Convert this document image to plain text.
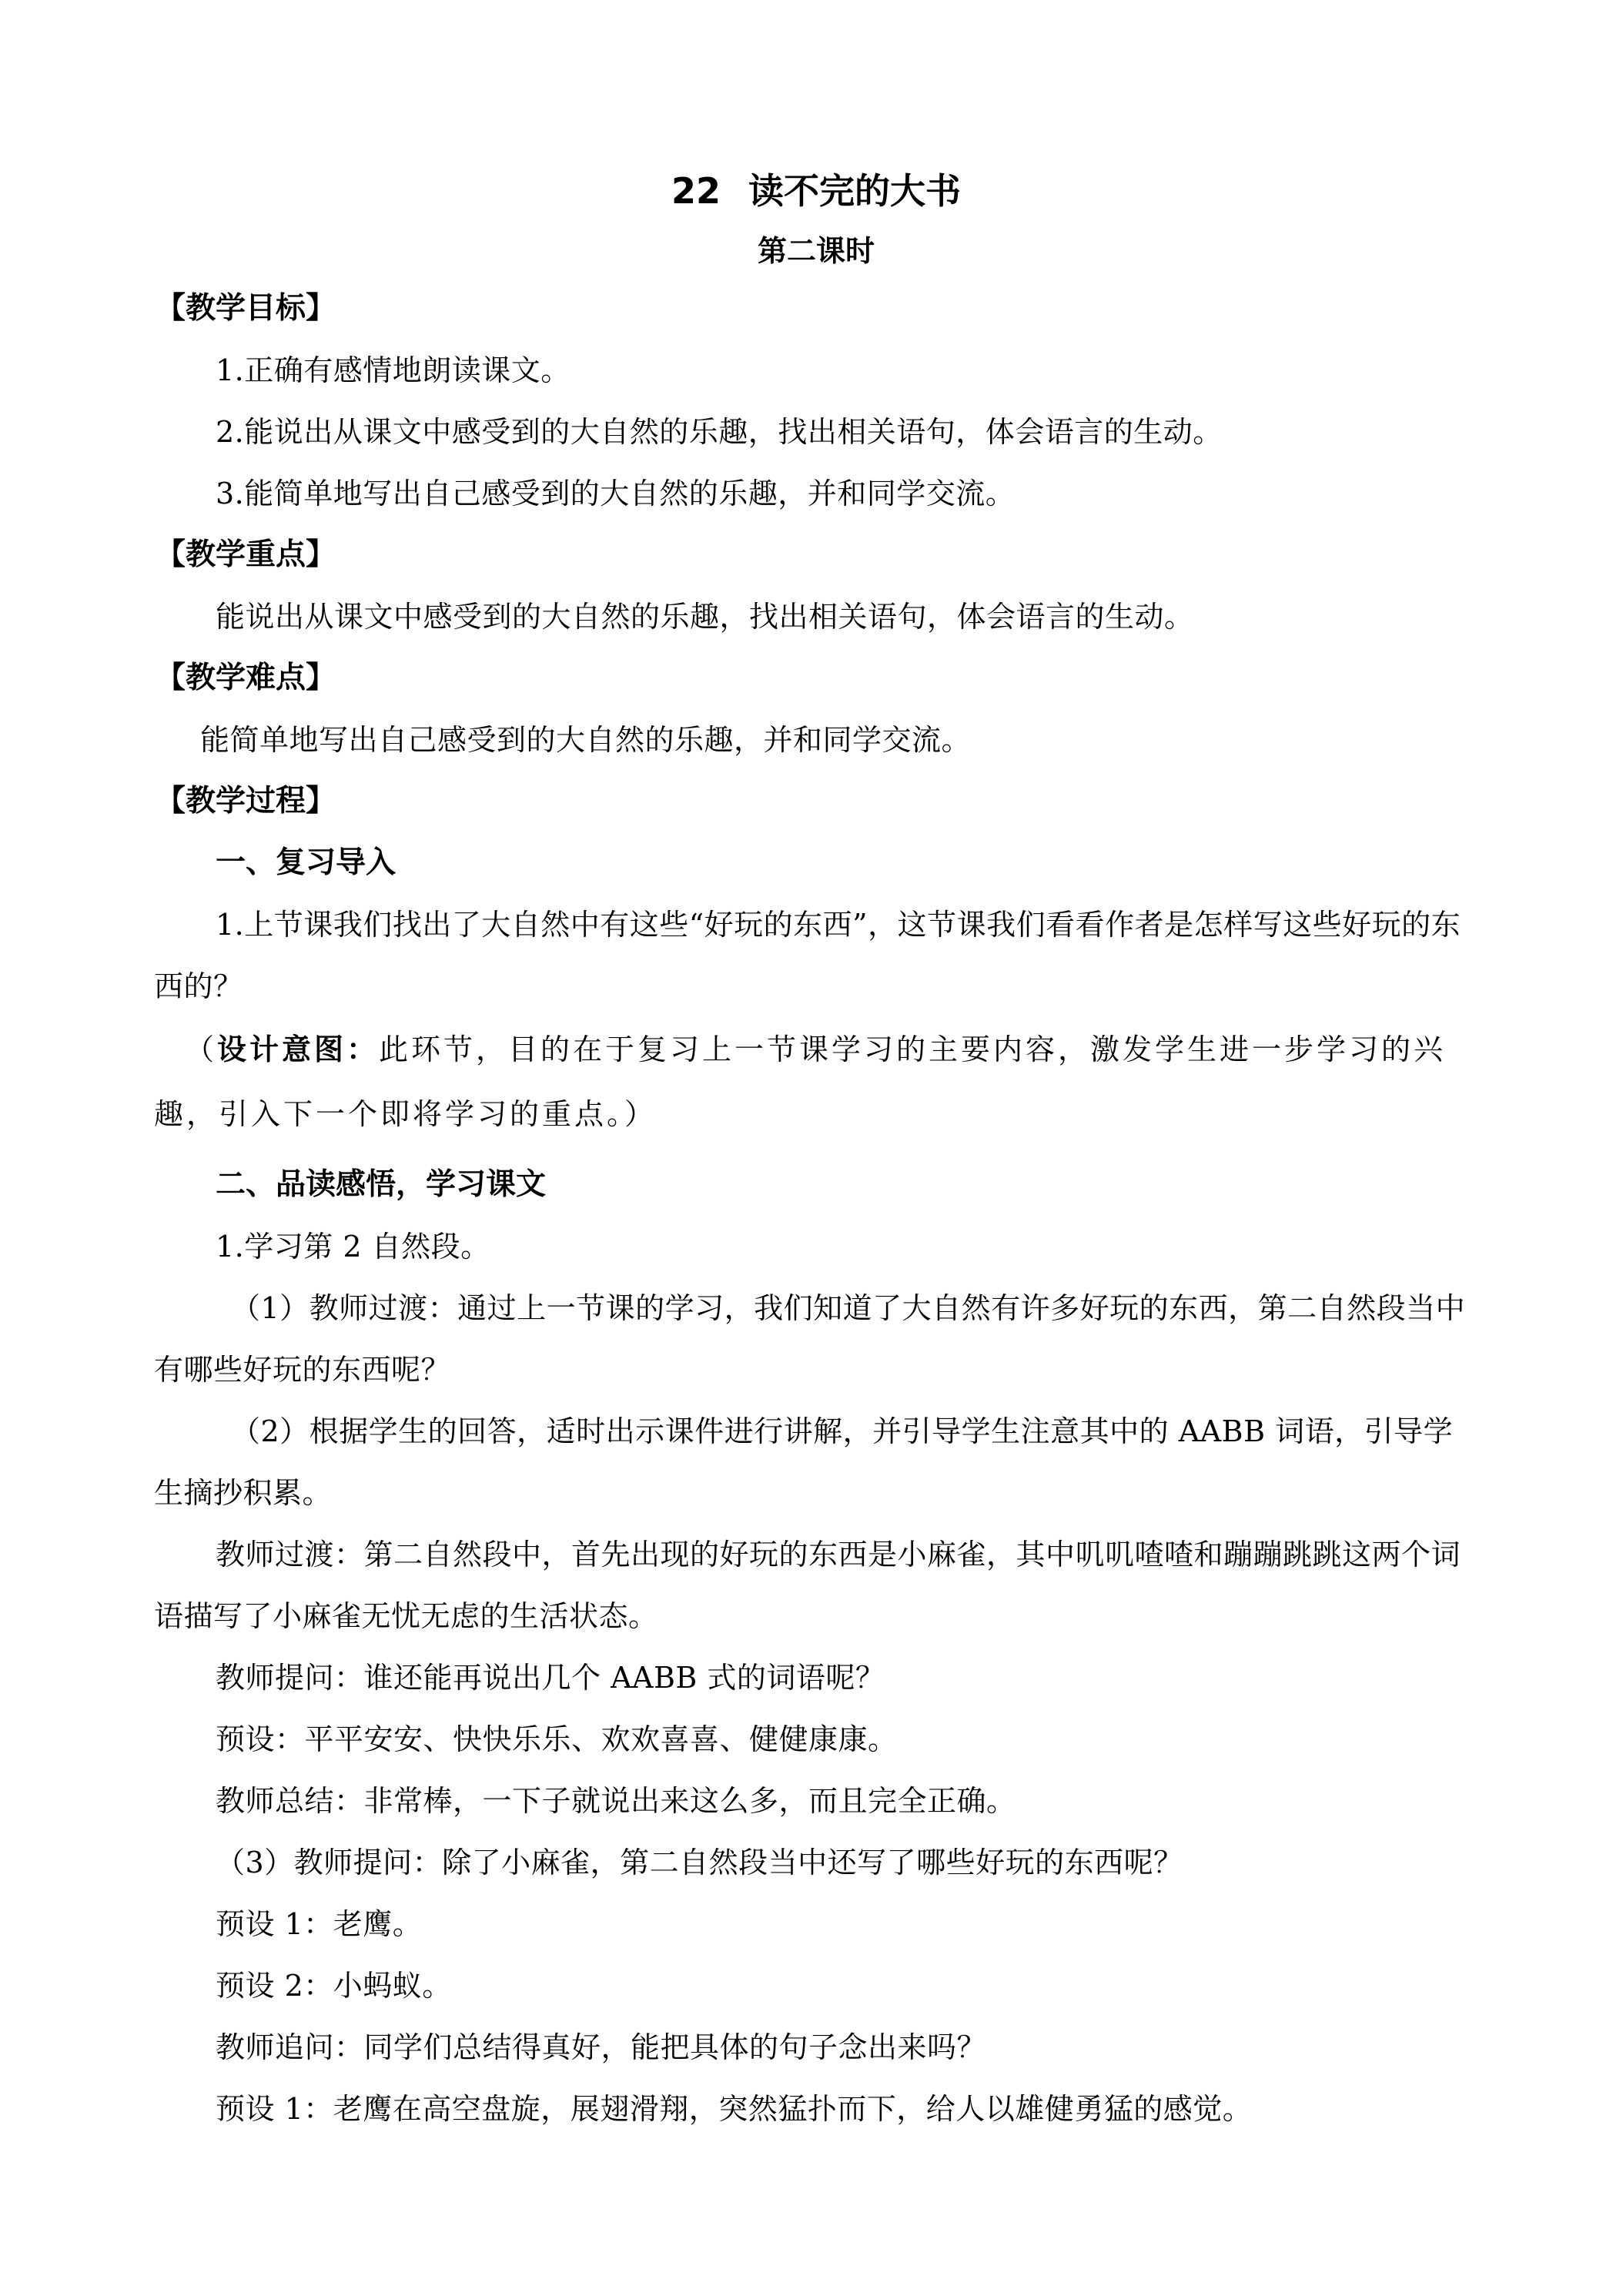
22 读不完的大书
第二课时
【教学目标】

1.正确有感情地朗读课文。

2.能说出从课文中感受到的大自然的乐趣，找出相关语句，体会语言的生动。

3.能简单地写出自己感受到的大自然的乐趣，并和同学交流。

【教学重点】

能说出从课文中感受到的大自然的乐趣，找出相关语句，体会语言的生动。

【教学难点】

能简单地写出自己感受到的大自然的乐趣，并和同学交流。

【教学过程】
一、复习导入

1.上节课我们找出了大自然中有这些“好玩的东西”，这节课我们看看作者是怎样写这些好玩的东西的？

（设计意图：此环节，目的在于复习上一节课学习的主要内容，激发学生进一步学习的兴趣，引入下一个即将学习的重点。）

二、品读感悟，学习课文

1.学习第 2 自然段。

（1）教师过渡：通过上一节课的学习，我们知道了大自然有许多好玩的东西，第二自然段当中有哪些好玩的东西呢？

（2）根据学生的回答，适时出示课件进行讲解，并引导学生注意其中的 AABB 词语，引导学生摘抄积累。

教师过渡：第二自然段中，首先出现的好玩的东西是小麻雀，其中叽叽喳喳和蹦蹦跳跳这两个词语描写了小麻雀无忧无虑的生活状态。

教师提问：谁还能再说出几个 AABB 式的词语呢？

预设：平平安安、快快乐乐、欢欢喜喜、健健康康。

教师总结：非常棒，一下子就说出来这么多，而且完全正确。

（3）教师提问：除了小麻雀，第二自然段当中还写了哪些好玩的东西呢？

预设 1：老鹰。

预设 2：小蚂蚁。

教师追问：同学们总结得真好，能把具体的句子念出来吗？

预设 1：老鹰在高空盘旋，展翅滑翔，突然猛扑而下，给人以雄健勇猛的感觉。
